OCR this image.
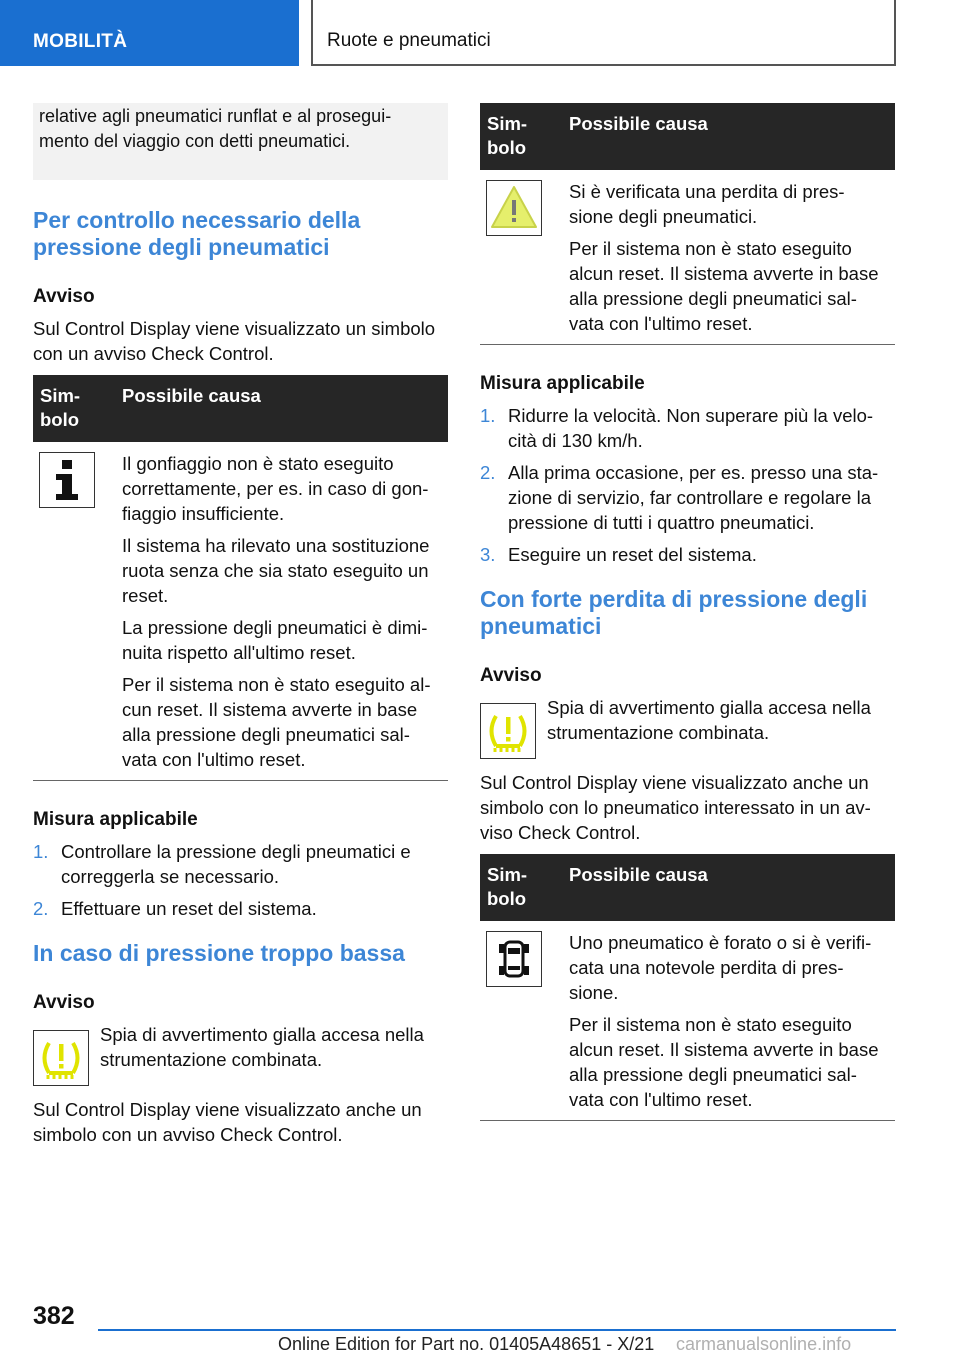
MOBILITÀ	Ruote e pneumatici
relative agli pneumatici runflat e al prosegui-
mento del viaggio con detti pneumatici.
Per controllo necessario della
pressione degli pneumatici
Avviso

Sul Control Display viene visualizzato un simbolo
con un avviso Check Control.

Sim-
bolo
Possibile causa

Il gonfiaggio non è stato eseguito
correttamente, per es. in caso di gon-
fiaggio insufficiente.

Il sistema ha rilevato una sostituzione
ruota senza che sia stato eseguito un
reset.

La pressione degli pneumatici è dimi-
nuita rispetto all'ultimo reset.

Per il sistema non è stato eseguito al-
cun reset. Il sistema avverte in base
alla pressione degli pneumatici sal-
vata con l'ultimo reset.

Misura applicabile
1. Controllare la pressione degli pneumatici e
correggerla se necessario.
2. Effettuare un reset del sistema.
In caso di pressione troppo bassa
Avviso
Spia di avvertimento gialla accesa nella
strumentazione combinata.

Sul Control Display viene visualizzato anche un
simbolo con un avviso Check Control.

Sim-
bolo
Possibile causa

Si è verificata una perdita di pres-
sione degli pneumatici.

Per il sistema non è stato eseguito
alcun reset. Il sistema avverte in base
alla pressione degli pneumatici sal-
vata con l'ultimo reset.

Misura applicabile
1. Ridurre la velocità. Non superare più la velo-
cità di 130 km/h.
2. Alla prima occasione, per es. presso una sta-
zione di servizio, far controllare e regolare la
pressione di tutti i quattro pneumatici.
3. Eseguire un reset del sistema.
Con forte perdita di pressione degli
pneumatici
Avviso
Spia di avvertimento gialla accesa nella
strumentazione combinata.

Sul Control Display viene visualizzato anche un
simbolo con lo pneumatico interessato in un av-
viso Check Control.

Sim-
bolo
Possibile causa

Uno pneumatico è forato o si è verifi-
cata una notevole perdita di pres-
sione.

Per il sistema non è stato eseguito
alcun reset. Il sistema avverte in base
alla pressione degli pneumatici sal-
vata con l'ultimo reset.

382
Online Edition for Part no. 01405A48651 - X/21 carmanualsonline.info
